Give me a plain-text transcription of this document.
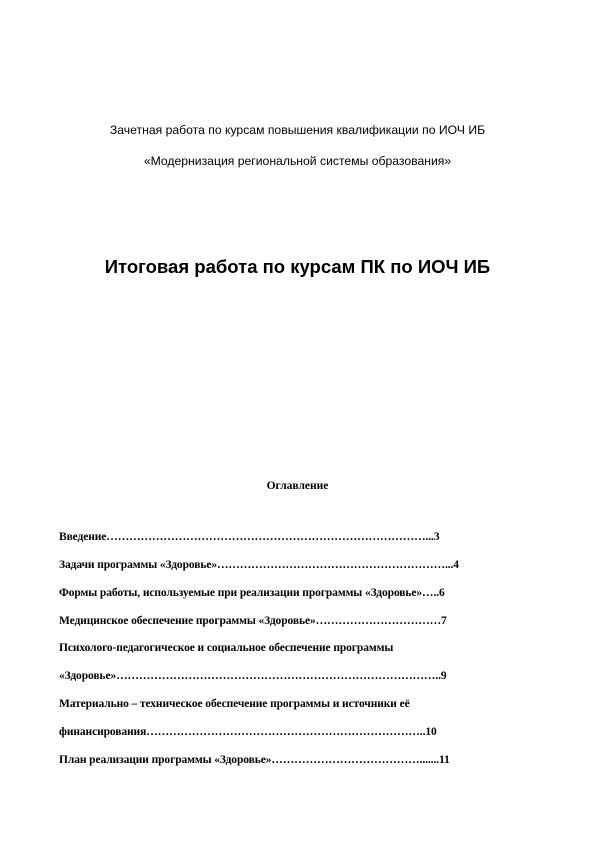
Зачетная работа по курсам повышения квалификации по ИОЧ ИБ
«Модернизация региональной системы образования»
Итоговая работа по курсам ПК по ИОЧ ИБ
Оглавление
Введение…………………………………………………………………………...3
Задачи программы «Здоровье»……………………………………………………...4
Формы работы, используемые при реализации программы «Здоровье»…..6
Медицинское обеспечение программы «Здоровье»……………………………7
Психолого-педагогическое и социальное обеспечение программы
«Здоровье»…………………………………………………………………………..9
Материально – техническое обеспечение программы и источники её
финансирования………………………………………………………………..10
План реализации программы «Здоровье»………………………………….......11
